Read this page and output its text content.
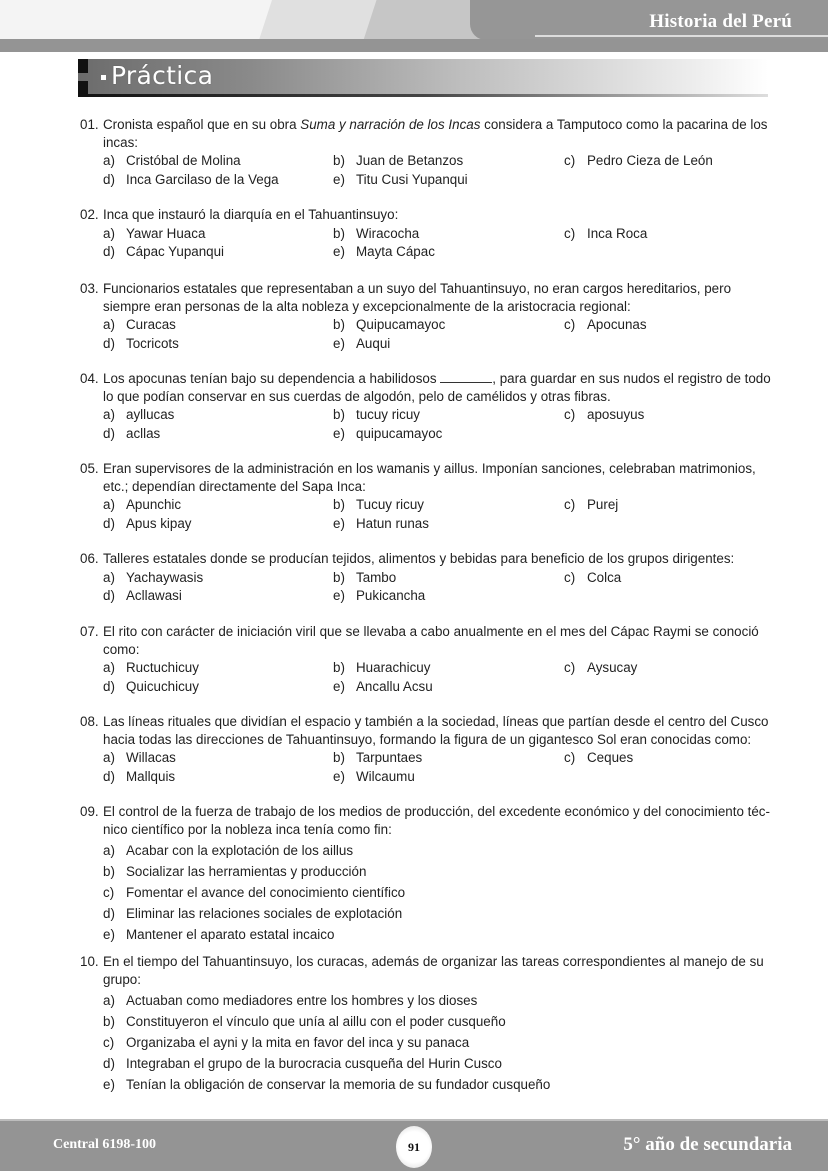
Historia del Perú
Práctica
01. Cronista español que en su obra Suma y narración de los Incas considera a Tamputoco como la pacarina de los incas:
a) Cristóbal de Molina	b) Juan de Betanzos	c) Pedro Cieza de León
d) Inca Garcilaso de la Vega	e) Titu Cusi Yupanqui
02. Inca que instauró la diarquía en el Tahuantinsuyo:
a) Yawar Huaca	b) Wiracocha	c) Inca Roca
d) Cápac Yupanqui	e) Mayta Cápac
03. Funcionarios estatales que representaban a un suyo del Tahuantinsuyo, no eran cargos hereditarios, pero siempre eran personas de la alta nobleza y excepcionalmente de la aristocracia regional:
a) Curacas	b) Quipucamayoc	c) Apocunas
d) Tocricots	e) Auqui
04. Los apocunas tenían bajo su dependencia a habilidosos	, para guardar en sus nudos el registro de todo lo que podían conservar en sus cuerdas de algodón, pelo de camélidos y otras fibras.
a) ayllucas	b) tucuy ricuy	c) aposuyus
d) acllas	e) quipucamayoc
05. Eran supervisores de la administración en los wamanis y aillus. Imponían sanciones, celebraban matrimonios, etc.; dependían directamente del Sapa Inca:
a) Apunchic	b) Tucuy ricuy	c) Purej
d) Apus kipay	e) Hatun runas
06. Talleres estatales donde se producían tejidos, alimentos y bebidas para beneficio de los grupos dirigentes:
a) Yachaywasis	b) Tambo	c) Colca
d) Acllawasi	e) Pukicancha
07. El rito con carácter de iniciación viril que se llevaba a cabo anualmente en el mes del Cápac Raymi se conoció como:
a) Ructuchicuy	b) Huarachicuy	c) Aysucay
d) Quicuchicuy	e) Ancallu Acsu
08. Las líneas rituales que dividían el espacio y también a la sociedad, líneas que partían desde el centro del Cusco hacia todas las direcciones de Tahuantinsuyo, formando la figura de un gigantesco Sol eran conocidas como:
a) Willacas	b) Tarpuntaes	c) Ceques
d) Mallquis	e) Wilcaumu
09. El control de la fuerza de trabajo de los medios de producción, del excedente económico y del conocimiento téc-nico científico por la nobleza inca tenía como fin:
a) Acabar con la explotación de los aillus
b) Socializar las herramientas y producción
c) Fomentar el avance del conocimiento científico
d) Eliminar las relaciones sociales de explotación
e) Mantener el aparato estatal incaico
10. En el tiempo del Tahuantinsuyo, los curacas, además de organizar las tareas correspondientes al manejo de su grupo:
a) Actuaban como mediadores entre los hombres y los dioses
b) Constituyeron el vínculo que unía al aillu con el poder cusqueño
c) Organizaba el ayni y la mita en favor del inca y su panaca
d) Integraban el grupo de la burocracia cusqueña del Hurin Cusco
e) Tenían la obligación de conservar la memoria de su fundador cusqueño
Central 6198-100	91	5° año de secundaria
